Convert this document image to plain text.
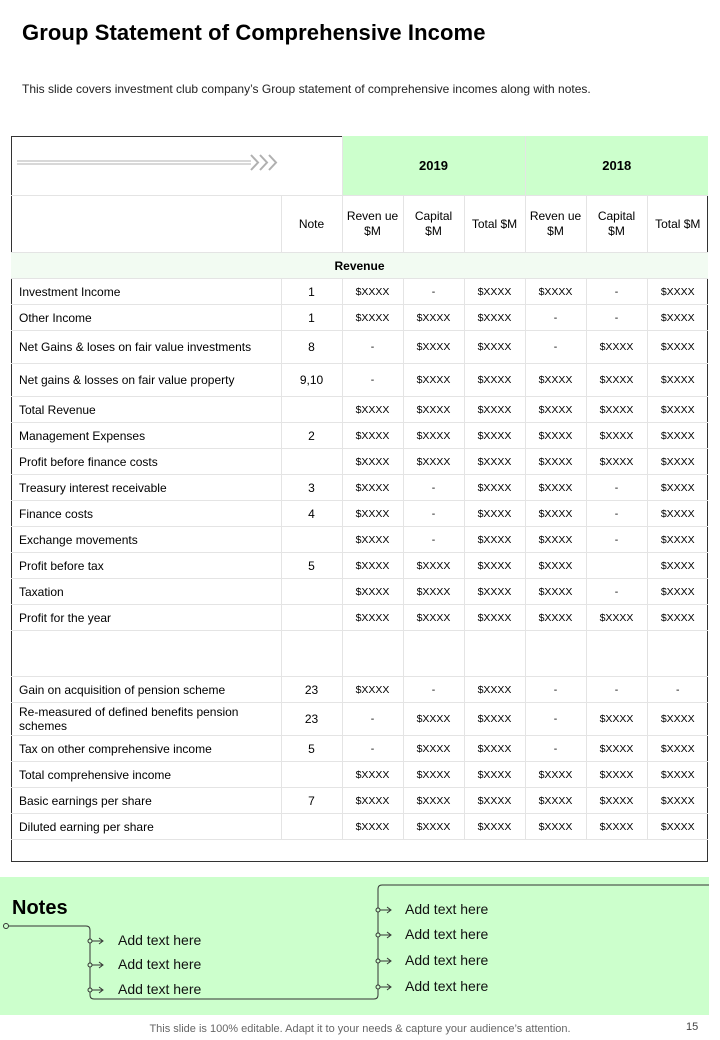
Group Statement of Comprehensive Income
This slide covers investment club company’s Group statement of comprehensive incomes along with notes.
	2019			2018		
	Note	Reven ue $M	Capital $M	Total $M	Reven ue $M	Capital $M	Total $M
Revenue							
Investment Income	1	$XXXX	-	$XXXX	$XXXX	-	$XXXX
Other Income	1	$XXXX	$XXXX	$XXXX	-	-	$XXXX
Net Gains & loses on fair value investments	8	-	$XXXX	$XXXX	-	$XXXX	$XXXX
Net gains & losses on fair value property	9,10	-	$XXXX	$XXXX	$XXXX	$XXXX	$XXXX
Total Revenue		$XXXX	$XXXX	$XXXX	$XXXX	$XXXX	$XXXX
Management Expenses	2	$XXXX	$XXXX	$XXXX	$XXXX	$XXXX	$XXXX
Profit before finance costs		$XXXX	$XXXX	$XXXX	$XXXX	$XXXX	$XXXX
Treasury interest receivable	3	$XXXX	-	$XXXX	$XXXX	-	$XXXX
Finance costs	4	$XXXX	-	$XXXX	$XXXX	-	$XXXX
Exchange movements		$XXXX	-	$XXXX	$XXXX	-	$XXXX
Profit before tax	5	$XXXX	$XXXX	$XXXX	$XXXX		$XXXX
Taxation		$XXXX	$XXXX	$XXXX	$XXXX	-	$XXXX
Profit for the year		$XXXX	$XXXX	$XXXX	$XXXX	$XXXX	$XXXX

Gain on acquisition of pension scheme	23	$XXXX	-	$XXXX	-	-	-
Re-measured of defined benefits pension schemes	23	-	$XXXX	$XXXX	-	$XXXX	$XXXX
Tax on other comprehensive income	5	-	$XXXX	$XXXX	-	$XXXX	$XXXX
Total comprehensive income		$XXXX	$XXXX	$XXXX	$XXXX	$XXXX	$XXXX
Basic earnings per share	7	$XXXX	$XXXX	$XXXX	$XXXX	$XXXX	$XXXX
Diluted earning per share		$XXXX	$XXXX	$XXXX	$XXXX	$XXXX	$XXXX
Notes
Add text here
Add text here
Add text here
Add text here
Add text here
Add text here
Add text here
This slide is 100% editable. Adapt it to your needs & capture your audience’s attention.	15
